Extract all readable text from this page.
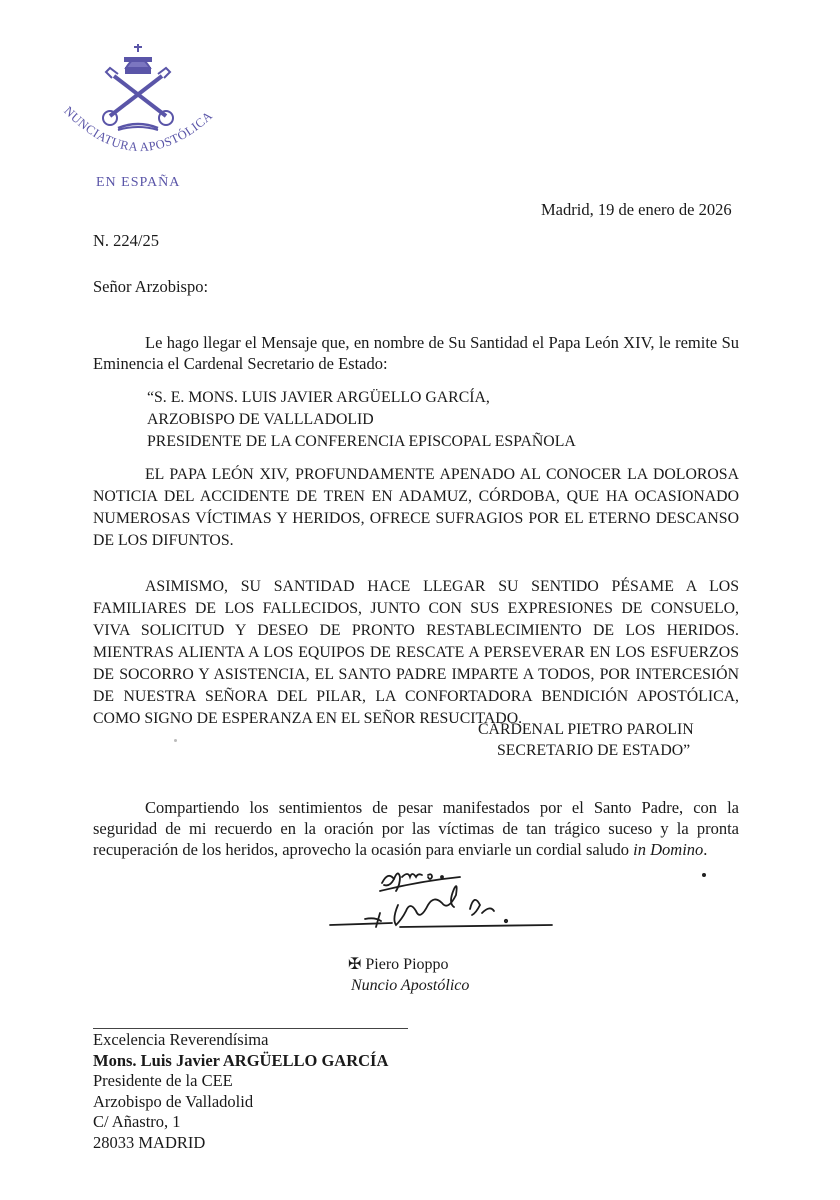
NUNCIATURA APOSTÓLICA
EN ESPAÑA
Madrid, 19 de enero de 2026
N. 224/25
Señor Arzobispo:
Le hago llegar el Mensaje que, en nombre de Su Santidad el Papa León XIV, le remite Su Eminencia el Cardenal Secretario de Estado:
“S. E. MONS. LUIS JAVIER ARGÜELLO GARCÍA,
ARZOBISPO DE VALLLADOLID
PRESIDENTE DE LA CONFERENCIA EPISCOPAL ESPAÑOLA
EL PAPA LEÓN XIV, PROFUNDAMENTE APENADO AL CONOCER LA DOLOROSA NOTICIA DEL ACCIDENTE DE TREN EN ADAMUZ, CÓRDOBA, QUE HA OCASIONADO NUMEROSAS VÍCTIMAS Y HERIDOS, OFRECE SUFRAGIOS POR EL ETERNO DESCANSO DE LOS DIFUNTOS.
ASIMISMO, SU SANTIDAD HACE LLEGAR SU SENTIDO PÉSAME A LOS FAMILIARES DE LOS FALLECIDOS, JUNTO CON SUS EXPRESIONES DE CONSUELO, VIVA SOLICITUD Y DESEO DE PRONTO RESTABLECIMIENTO DE LOS HERIDOS. MIENTRAS ALIENTA A LOS EQUIPOS DE RESCATE A PERSEVERAR EN LOS ESFUERZOS DE SOCORRO Y ASISTENCIA, EL SANTO PADRE IMPARTE A TODOS, POR INTERCESIÓN DE NUESTRA SEÑORA DEL PILAR, LA CONFORTADORA BENDICIÓN APOSTÓLICA, COMO SIGNO DE ESPERANZA EN EL SEÑOR RESUCITADO.
CARDENAL PIETRO PAROLIN
SECRETARIO DE ESTADO”
Compartiendo los sentimientos de pesar manifestados por el Santo Padre, con la seguridad de mi recuerdo en la oración por las víctimas de tan trágico suceso y la pronta recuperación de los heridos, aprovecho la ocasión para enviarle un cordial saludo in Domino.
✠ Piero Pioppo
Nuncio Apostólico
Excelencia Reverendísima
Mons. Luis Javier ARGÜELLO GARCÍA
Presidente de la CEE
Arzobispo de Valladolid
C/ Añastro, 1
28033 MADRID
